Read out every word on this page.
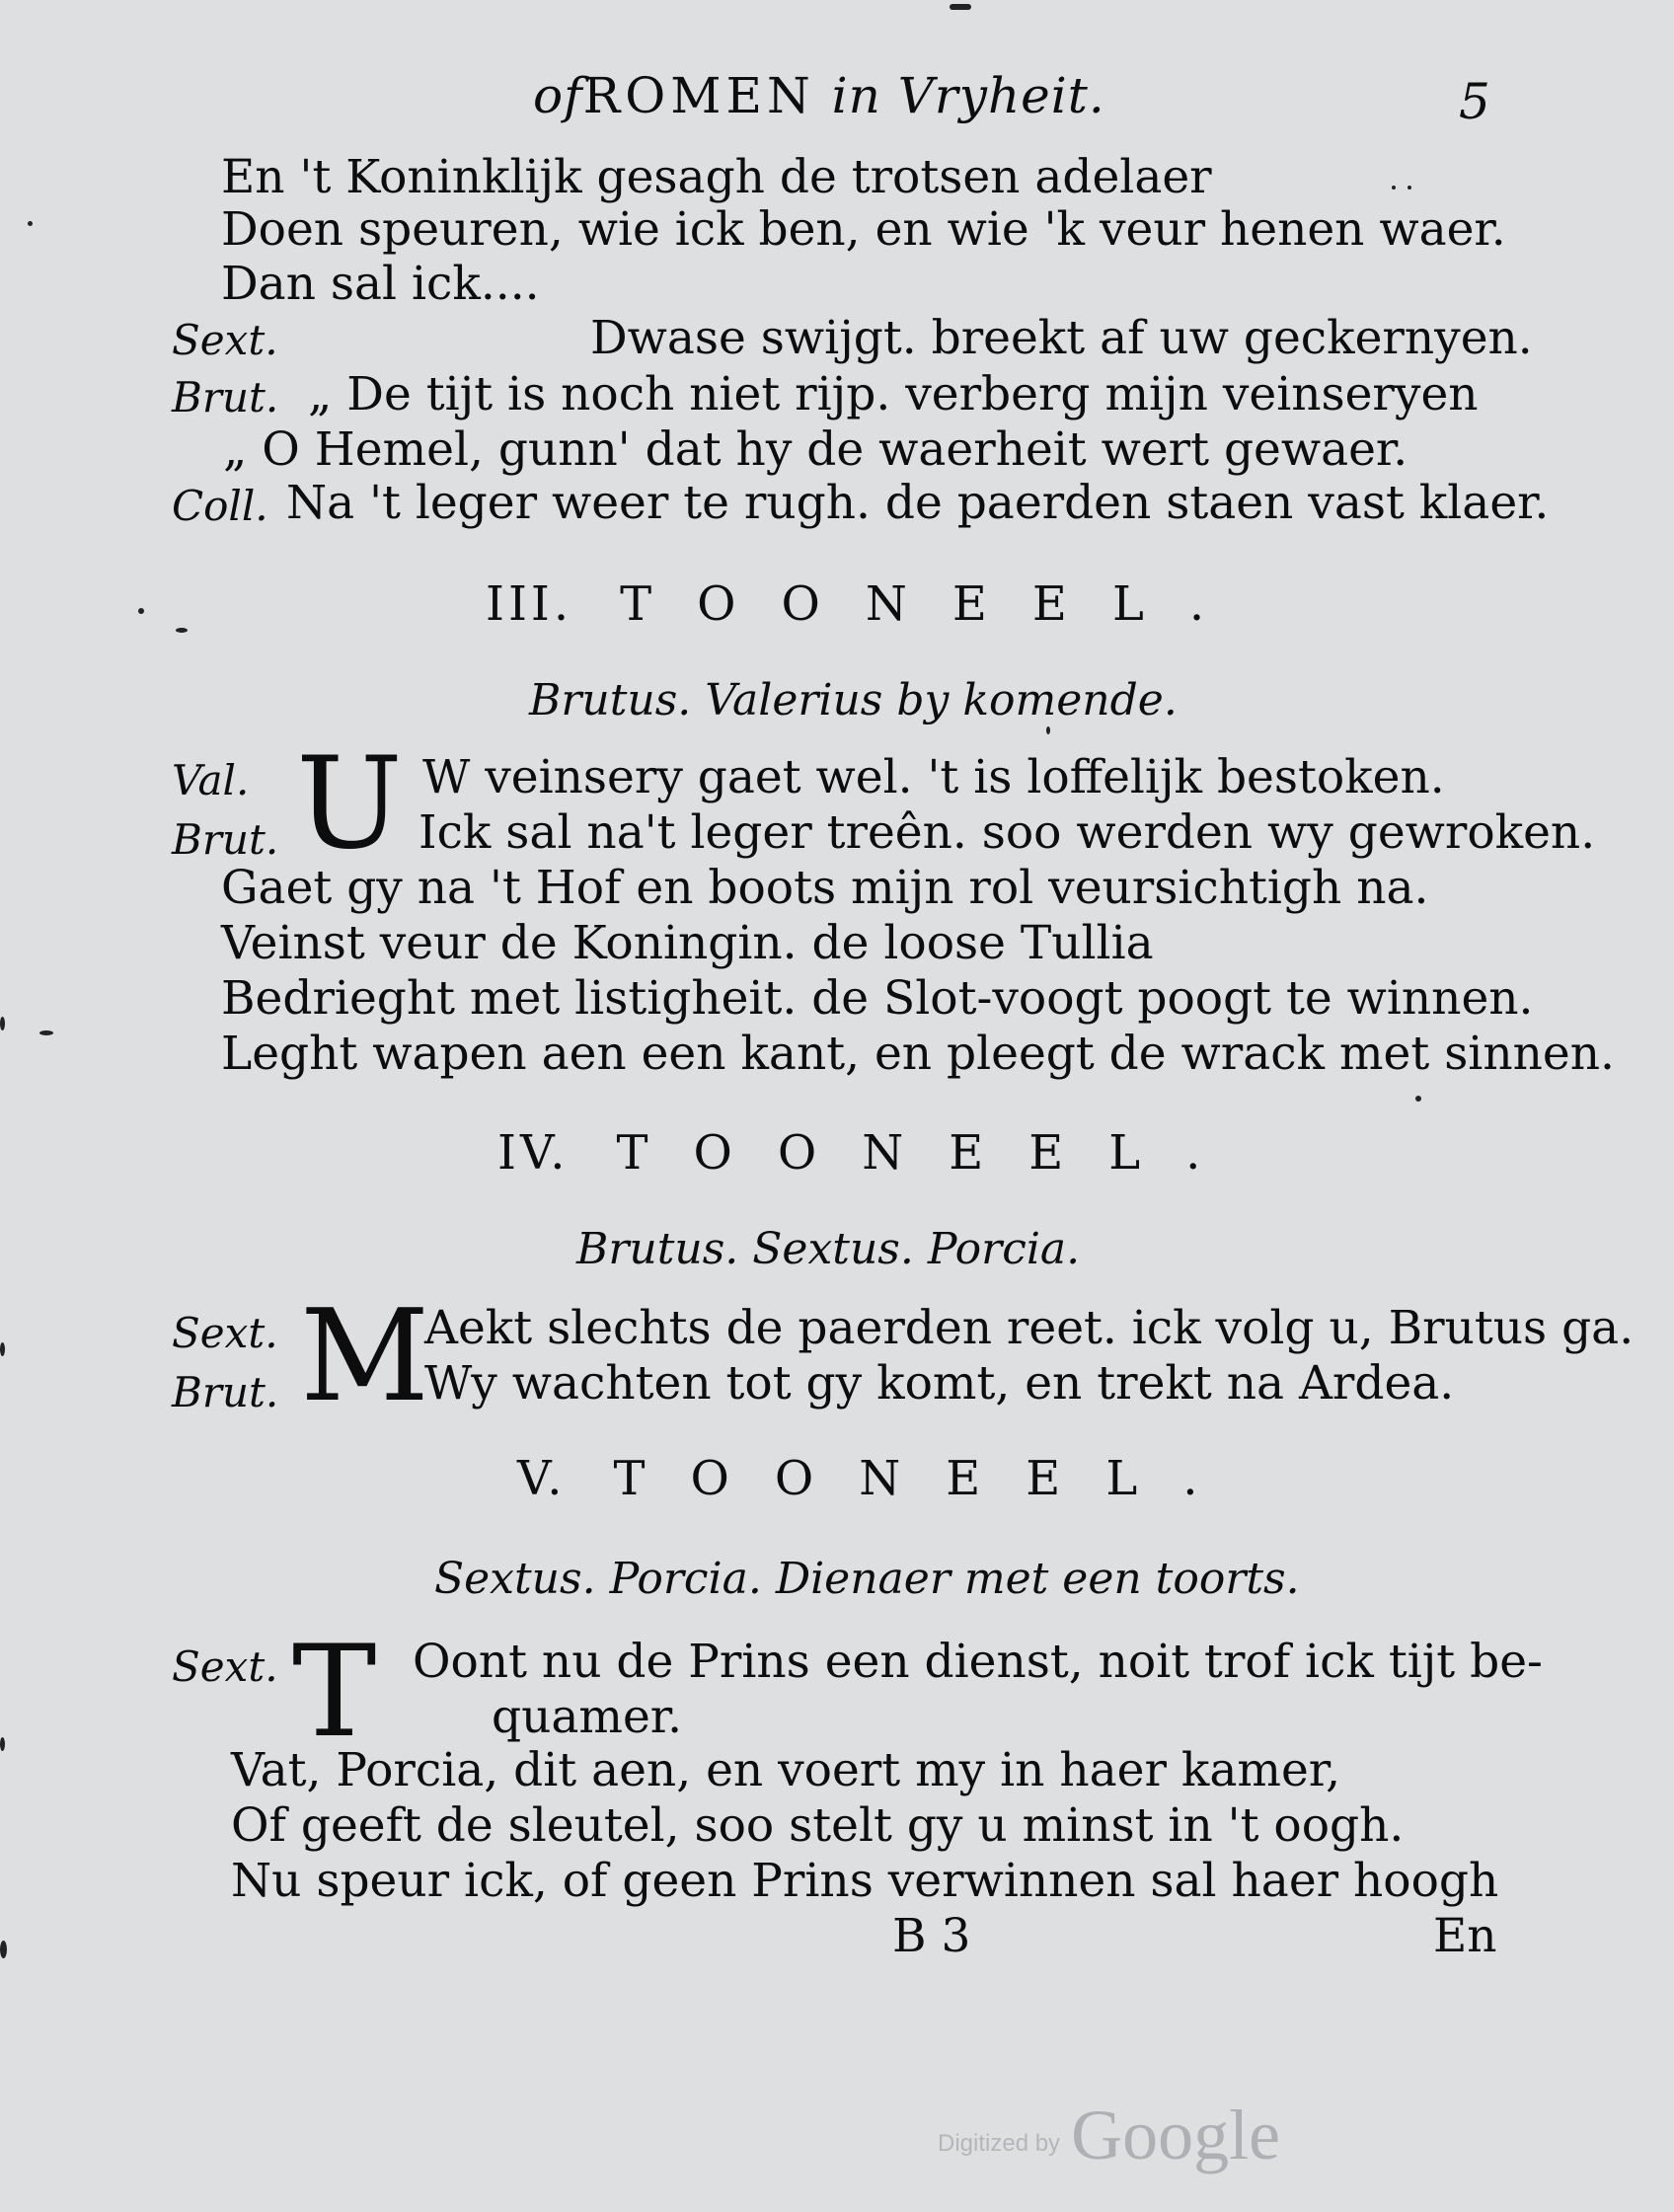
ofROMEN in Vryheit.	5
En 't Koninklijk gesagh de trotsen adelaer
Doen speuren, wie ick ben, en wie 'k veur henen waer.
Dan sal ick....
Sext.	Dwase swijgt. breekt af uw geckernyen.
Brut. „ De tijt is noch niet rijp. verberg mijn veinseryen
„ O Hemel, gunn' dat hy de waerheit wert gewaer.
Coll. Na 't leger weer te rugh. de paerden staen vast klaer.
III. TOONEEL.
Brutus. Valerius by komende.
Val.
Brut. U W veinsery gaet wel. 't is loffelijk bestoken.
Ick sal na't leger treên. soo werden wy gewroken.
Gaet gy na 't Hof en boots mijn rol veursichtigh na.
Veinst veur de Koningin. de loose Tullia
Bedrieght met listigheit. de Slot-voogt poogt te winnen.
Leght wapen aen een kant, en pleegt de wrack met sinnen.
IV. TOONEEL.
Brutus. Sextus. Porcia.
Sext.
Brut. M
Aekt slechts de paerden reet. ick volg u, Brutus ga.
Wy wachten tot gy komt, en trekt na Ardea.
V. TOONEEL.
Sextus. Porcia. Dienaer met een toorts.
Sext. T Oont nu de Prins een dienst, noit trof ick tijt be-
quamer.
Vat, Porcia, dit aen, en voert my in haer kamer,
Of geeft de sleutel, soo stelt gy u minst in 't oogh.
Nu speur ick, of geen Prins verwinnen sal haer hoogh
B 3	En
Digitized by Google
